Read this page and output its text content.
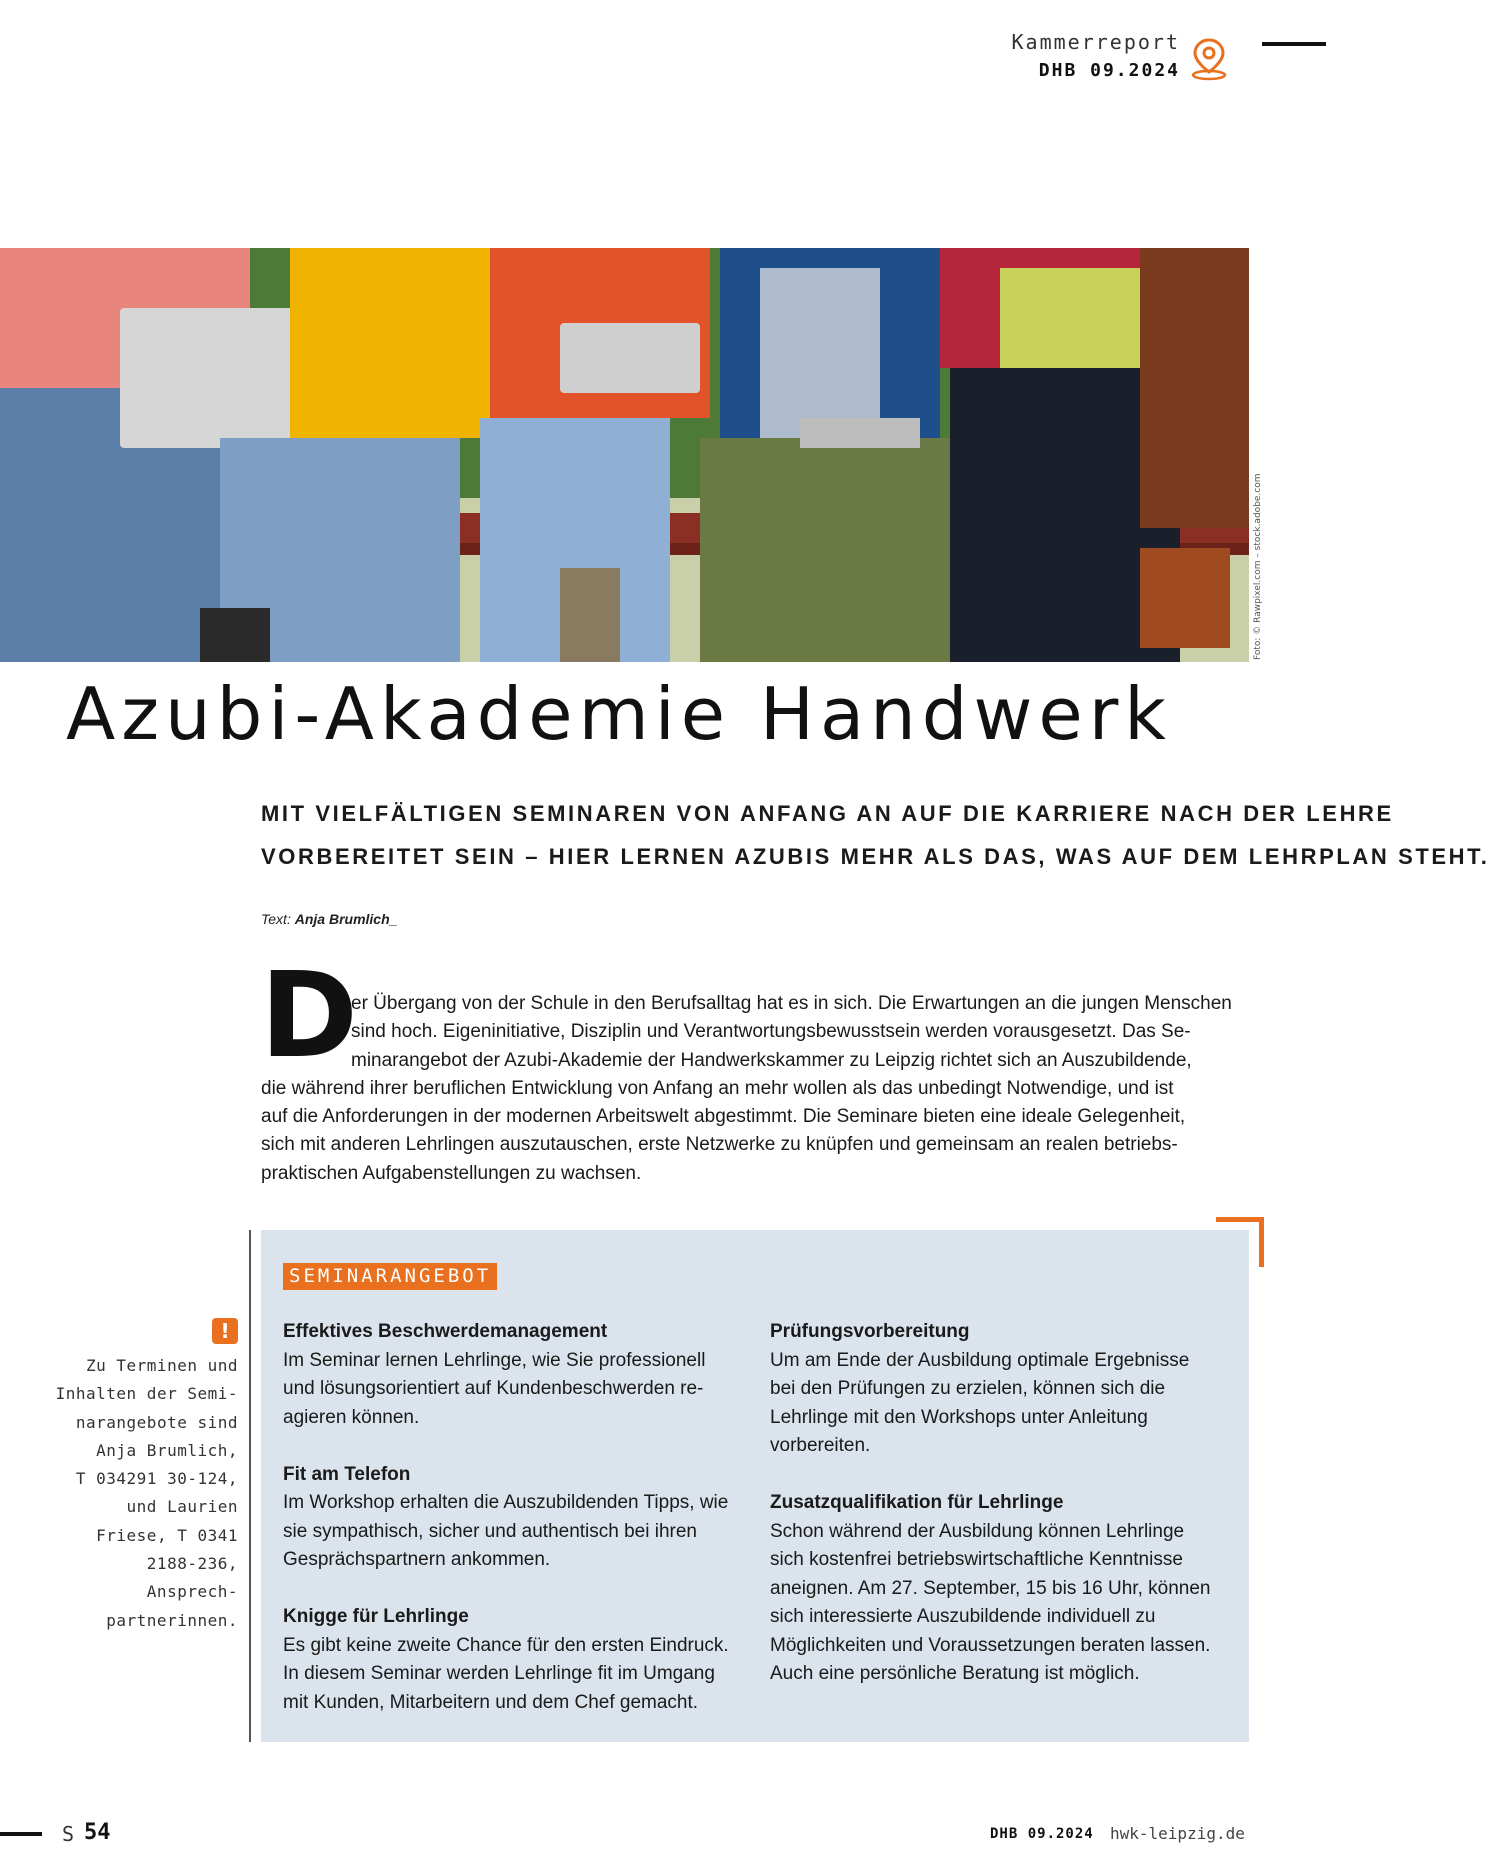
Kammerreport
DHB 09.2024
Foto: © Rawpixel.com – stock.adobe.com
Azubi-Akademie Handwerk
MIT VIELFÄLTIGEN SEMINAREN VON ANFANG AN AUF DIE KARRIERE NACH DER LEHRE
VORBEREITET SEIN – HIER LERNEN AZUBIS MEHR ALS DAS, WAS AUF DEM LEHRPLAN STEHT.
Text: Anja Brumlich_
D
er Übergang von der Schule in den Berufsalltag hat es in sich. Die Erwartungen an die jungen Menschen
sind hoch. Eigeninitiative, Disziplin und Verantwortungsbewusstsein werden vorausgesetzt. Das Se-
minarangebot der Azubi-Akademie der Handwerkskammer zu Leipzig richtet sich an Auszubildende,
die während ihrer beruflichen Entwicklung von Anfang an mehr wollen als das unbedingt Notwendige, und ist
auf die Anforderungen in der modernen Arbeitswelt abgestimmt. Die Seminare bieten eine ideale Gelegenheit,
sich mit anderen Lehrlingen auszutauschen, erste Netzwerke zu knüpfen und gemeinsam an realen betriebs-
praktischen Aufgabenstellungen zu wachsen.
SEMINARANGEBOT
Effektives Beschwerdemanagement
Im Seminar lernen Lehrlinge, wie Sie professionell
und lösungsorientiert auf Kundenbeschwerden re-
agieren können.
Fit am Telefon
Im Workshop erhalten die Auszubildenden Tipps, wie
sie sympathisch, sicher und authentisch bei ihren
Gesprächspartnern ankommen.
Knigge für Lehrlinge
Es gibt keine zweite Chance für den ersten Eindruck.
In diesem Seminar werden Lehrlinge fit im Umgang
mit Kunden, Mitarbeitern und dem Chef gemacht.
Prüfungsvorbereitung
Um am Ende der Ausbildung optimale Ergebnisse
bei den Prüfungen zu erzielen, können sich die
Lehrlinge mit den Workshops unter Anleitung
vorbereiten.
Zusatzqualifikation für Lehrlinge
Schon während der Ausbildung können Lehrlinge
sich kostenfrei betriebswirtschaftliche Kenntnisse
aneignen. Am 27. September, 15 bis 16 Uhr, können
sich interessierte Auszubildende individuell zu
Möglichkeiten und Voraussetzungen beraten lassen.
Auch eine persönliche Beratung ist möglich.
!
Zu Terminen und
Inhalten der Semi-
narangebote sind
Anja Brumlich,
T 034291 30-124,
und Laurien
Friese, T 0341
2188-236,
Ansprech-
partnerinnen.
S 54	DHB 09.2024 hwk-leipzig.de
